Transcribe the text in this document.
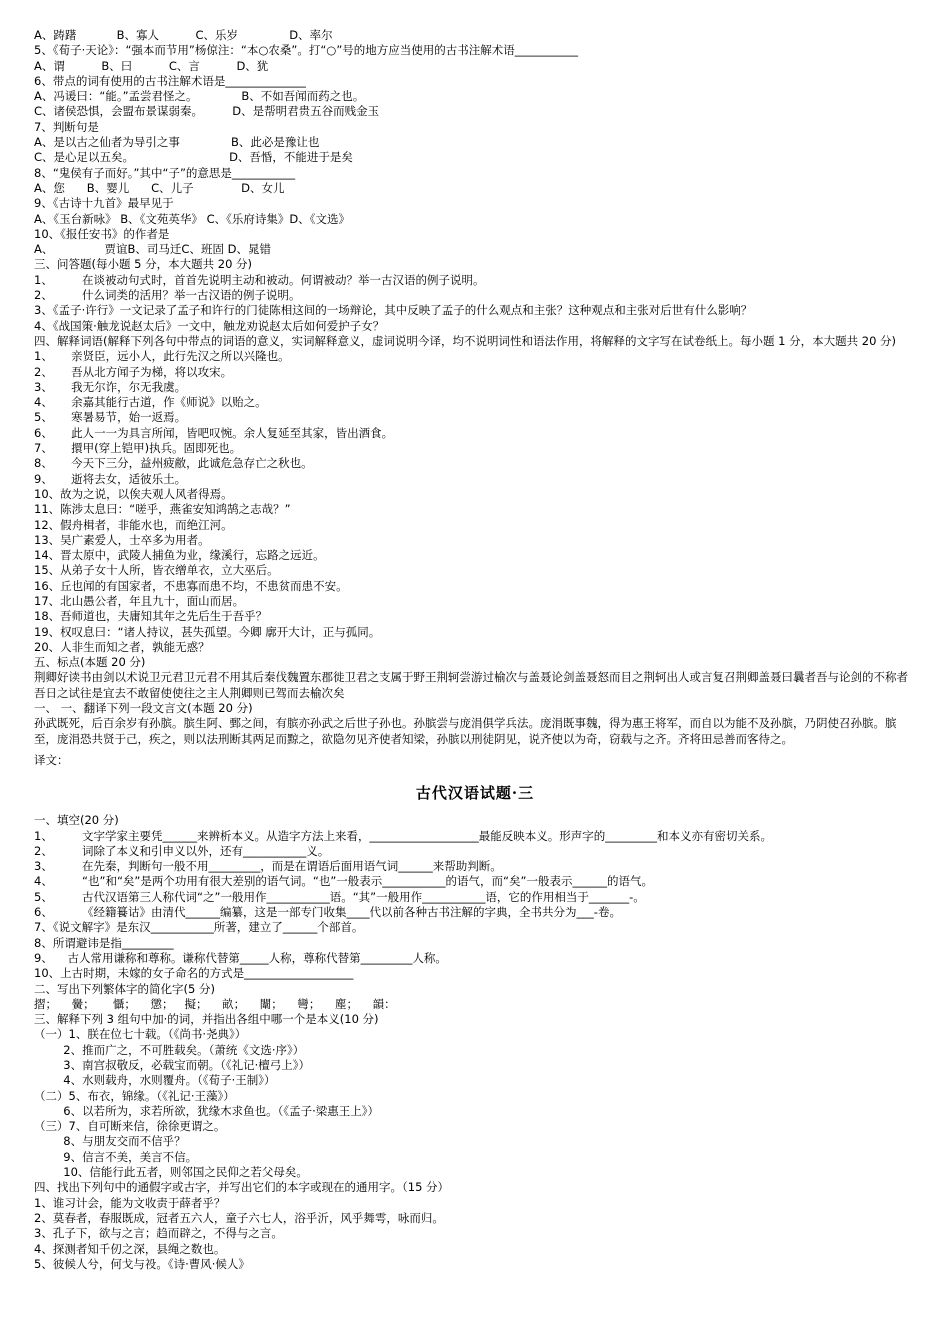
A、踌躇           B、寡人          C、乐岁              D、率尔
5、《荀子·天论》：“强本而节用”杨倞注：“本○农桑”。打“○”号的地方应当使用的古书注解术语___________
A、谓          B、曰          C、言          D、犹
6、带点的词有使用的古书注解术语是______________
A、冯谖曰：“能。”孟尝君怪之。            B、不如吾闻而药之也。
C、诸侯恐惧，会盟布景谋弱秦。        D、是帮明君贵五谷而贱金玉
7、判断句是
A、是以古之仙者为导引之事              B、此必是豫让也
C、是心足以五矣。                          D、吾惛，不能进于是矣
8、“鬼侯有子而好。”其中“子”的意思是___________
A、您      B、婴儿      C、儿子             D、女儿
9、《古诗十九首》最早见于
A、《玉台新咏》 B、《文苑英华》 C、《乐府诗集》D、《文选》
10、《报任安书》的作者是
A、              贾谊B、司马迁C、班固 D、晁错
三、问答题(每小题 5 分，本大题共 20 分)
1、        在谈被动句式时，首首先说明主动和被动。何谓被动？举一古汉语的例子说明。
2、        什么词类的活用？举一古汉语的例子说明。
3、《孟子·许行》一文记录了孟子和许行的门徒陈相这间的一场辩论，其中反映了孟子的什么观点和主张？这种观点和主张对后世有什么影响？
4、《战国策·触龙说赵太后》一文中，触龙劝说赵太后如何爱护子女？
四、解释词语(解释下列各句中带点的词语的意义，实词解释意义，虚词说明今译，均不说明词性和语法作用，将解释的文字写在试卷纸上。每小题 1 分，本大题共 20 分)
1、     亲贤臣，远小人，此行先汉之所以兴隆也。
2、     吾从北方闻子为梯，将以攻宋。
3、     我无尔诈，尔无我虞。
4、     余嘉其能行古道，作《师说》以贻之。
5、     寒暑易节，始一返焉。
6、     此人一一为具言所闻，皆吧叹惋。余人复延至其家，皆出酒食。
7、     擐甲(穿上铠甲)执兵。固即死也。
8、     今天下三分，益州疲敝，此诚危急存亡之秋也。
9、     逝将去女，适彼乐土。
10、故为之说，以俟夫观人风者得焉。
11、陈涉太息曰：“嗟乎，燕雀安知鸿鹄之志哉？”
12、假舟楫者，非能水也，而绝江河。
13、吴广素爱人，士卒多为用者。
14、晋太原中，武陵人捕鱼为业，缘溪行，忘路之远近。
15、从弟子女十人所，皆衣缯单衣，立大巫后。
16、丘也闻的有国家者，不患寡而患不均，不患贫而患不安。
17、北山愚公者，年且九十，面山而居。
18、吾师道也，夫庸知其年之先后生于吾乎？
19、权叹息曰：“诸人持议，甚失孤望。今卿 廓开大计，正与孤同。
20、人非生而知之者，孰能无惑？
五、标点(本题 20 分)
荆卿好读书由剑以术说卫元君卫元君不用其后秦伐魏置东郡徙卫君之支属于野王荆轲尝游过榆次与盖聂论剑盖聂怒而目之荆轲出人或言复召荆卿盖聂曰曩者吾与论剑的不称者吾日之试往是宜去不敢留使使往之主人荆卿则已驾而去榆次矣
一、 一、翻译下列一段文言文(本题 20 分)
孙武既死，后百余岁有孙膑。膑生阿、鄄之间，有膑亦孙武之后世子孙也。孙膑尝与庞涓俱学兵法。庞涓既事魏，得为惠王将军，而自以为能不及孙膑，乃阴使召孙膑。膑至，庞涓恐共贤于己，疾之，则以法刑断其两足而黥之，欲隐勿见齐使者知梁，孙膑以刑徒阴见，说齐使以为奇，窃载与之齐。齐将田忌善而客待之。
译文：
古代汉语试题·三
一、填空(20 分)
1、        文字学家主要凭______来辨析本义。从造字方法上来看，___________________最能反映本义。形声字的_________和本义亦有密切关系。
2、        词除了本义和引申义以外，还有___________义。
3、        在先秦，判断句一般不用_________，而是在谓语后面用语气词______来帮助判断。
4、        “也”和“矣”是两个功用有很大差别的语气词。“也”一般表示___________的语气，而“矣”一般表示______的语气。
5、        古代汉语第三人称代词“之”一般用作___________语。“其”一般用作___________语，它的作用相当于_______-。
6、        《经籍籑诂》由清代______编纂，这是一部专门收集____代以前各种古书注解的字典，全书共分为___-卷。
7、《说文解字》是东汉___________所著，建立了______个部首。
8、所谓避讳是指_________
9、    古人常用谦称和尊称。谦称代替第_____人称，尊称代替第_________人称。
10、上古时期，未嫁的女子命名的方式是___________________
二、写出下列繁体字的简化字(5 分)
摺；    黌；     懾；    懲；   擬；    畝；    闈；    彎；    塵；    韻：
三、解释下列 3 组句中加·的词，并指出各组中哪一个是本义(10 分)
（一）1、朕在位七十载。（《尚书·尧典》）
2、推而广之，不可胜载矣。（萧统《文选·序》）
3、南宫叔敬反，必载宝而朝。（《礼记·檀弓上》）
4、水则载舟，水则覆舟。（《荀子·王制》）
（二）5、布衣，锦缘。（《礼记·王藻》）
6、以若所为，求若所欲，犹缘木求鱼也。（《孟子·梁惠王上》）
（三）7、自可断来信，徐徐更谓之。
8、与朋友交而不信乎？
9、信言不美，美言不信。
10、信能行此五者，则邻国之民仰之若父母矣。
四、找出下列句中的通假字或古字，并写出它们的本字或现在的通用字。（15 分）
1、谁习计会，能为文收责于薛者乎？
2、莫春者，春服既成，冠者五六人，童子六七人，浴乎沂，风乎舞雩，咏而归。
3、孔子下，欲与之言；趋而辟之，不得与之言。
4、探测者知千仞之深，县绳之数也。
5、彼候人兮，何戈与祋。《诗·曹风·候人》
